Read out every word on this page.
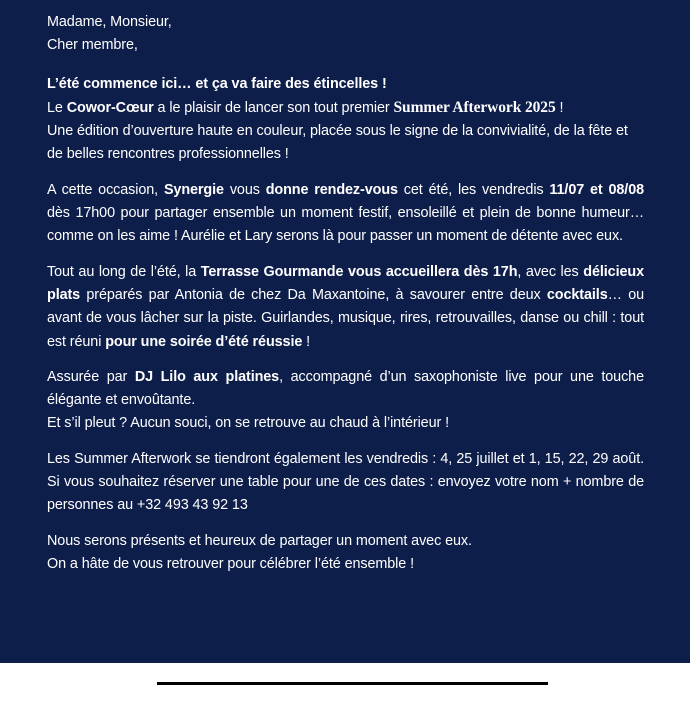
Madame, Monsieur,
Cher membre,

L’été commence ici… et ça va faire des étincelles !
Le Cowor-Cœur a le plaisir de lancer son tout premier Summer Afterwork 2025 !
Une édition d’ouverture haute en couleur, placée sous le signe de la convivialité, de la fête et de belles rencontres professionnelles !

A cette occasion, Synergie vous donne rendez-vous cet été, les vendredis 11/07 et 08/08 dès 17h00 pour partager ensemble un moment festif, ensoleillé et plein de bonne humeur… comme on les aime ! Aurélie et Lary serons là pour passer un moment de détente avec eux.

Tout au long de l’été, la Terrasse Gourmande vous accueillera dès 17h, avec les délicieux plats préparés par Antonia de chez Da Maxantoine, à savourer entre deux cocktails… ou avant de vous lâcher sur la piste. Guirlandes, musique, rires, retrouvailles, danse ou chill : tout est réuni pour une soirée d’été réussie !

Assurée par DJ Lilo aux platines, accompagné d’un saxophoniste live pour une touche élégante et envoûtante.
Et s’il pleut ? Aucun souci, on se retrouve au chaud à l’intérieur !

Les Summer Afterwork se tiendront également les vendredis : 4, 25 juillet et 1, 15, 22, 29 août. Si vous souhaitez réserver une table pour une de ces dates : envoyez votre nom + nombre de personnes au +32 493 43 92 13

Nous serons présents et heureux de partager un moment avec eux.
On a hâte de vous retrouver pour célébrer l’été ensemble !
